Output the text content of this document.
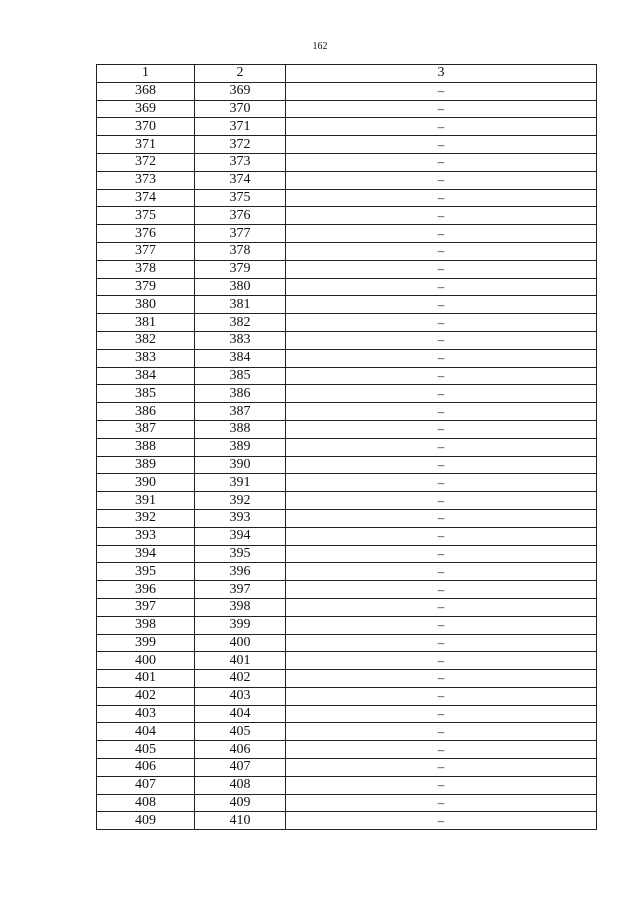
162
1	2	3
368	369	–
369	370	–
370	371	–
371	372	–
372	373	–
373	374	–
374	375	–
375	376	–
376	377	–
377	378	–
378	379	–
379	380	–
380	381	–
381	382	–
382	383	–
383	384	–
384	385	–
385	386	–
386	387	–
387	388	–
388	389	–
389	390	–
390	391	–
391	392	–
392	393	–
393	394	–
394	395	–
395	396	–
396	397	–
397	398	–
398	399	–
399	400	–
400	401	–
401	402	–
402	403	–
403	404	–
404	405	–
405	406	–
406	407	–
407	408	–
408	409	–
409	410	–
